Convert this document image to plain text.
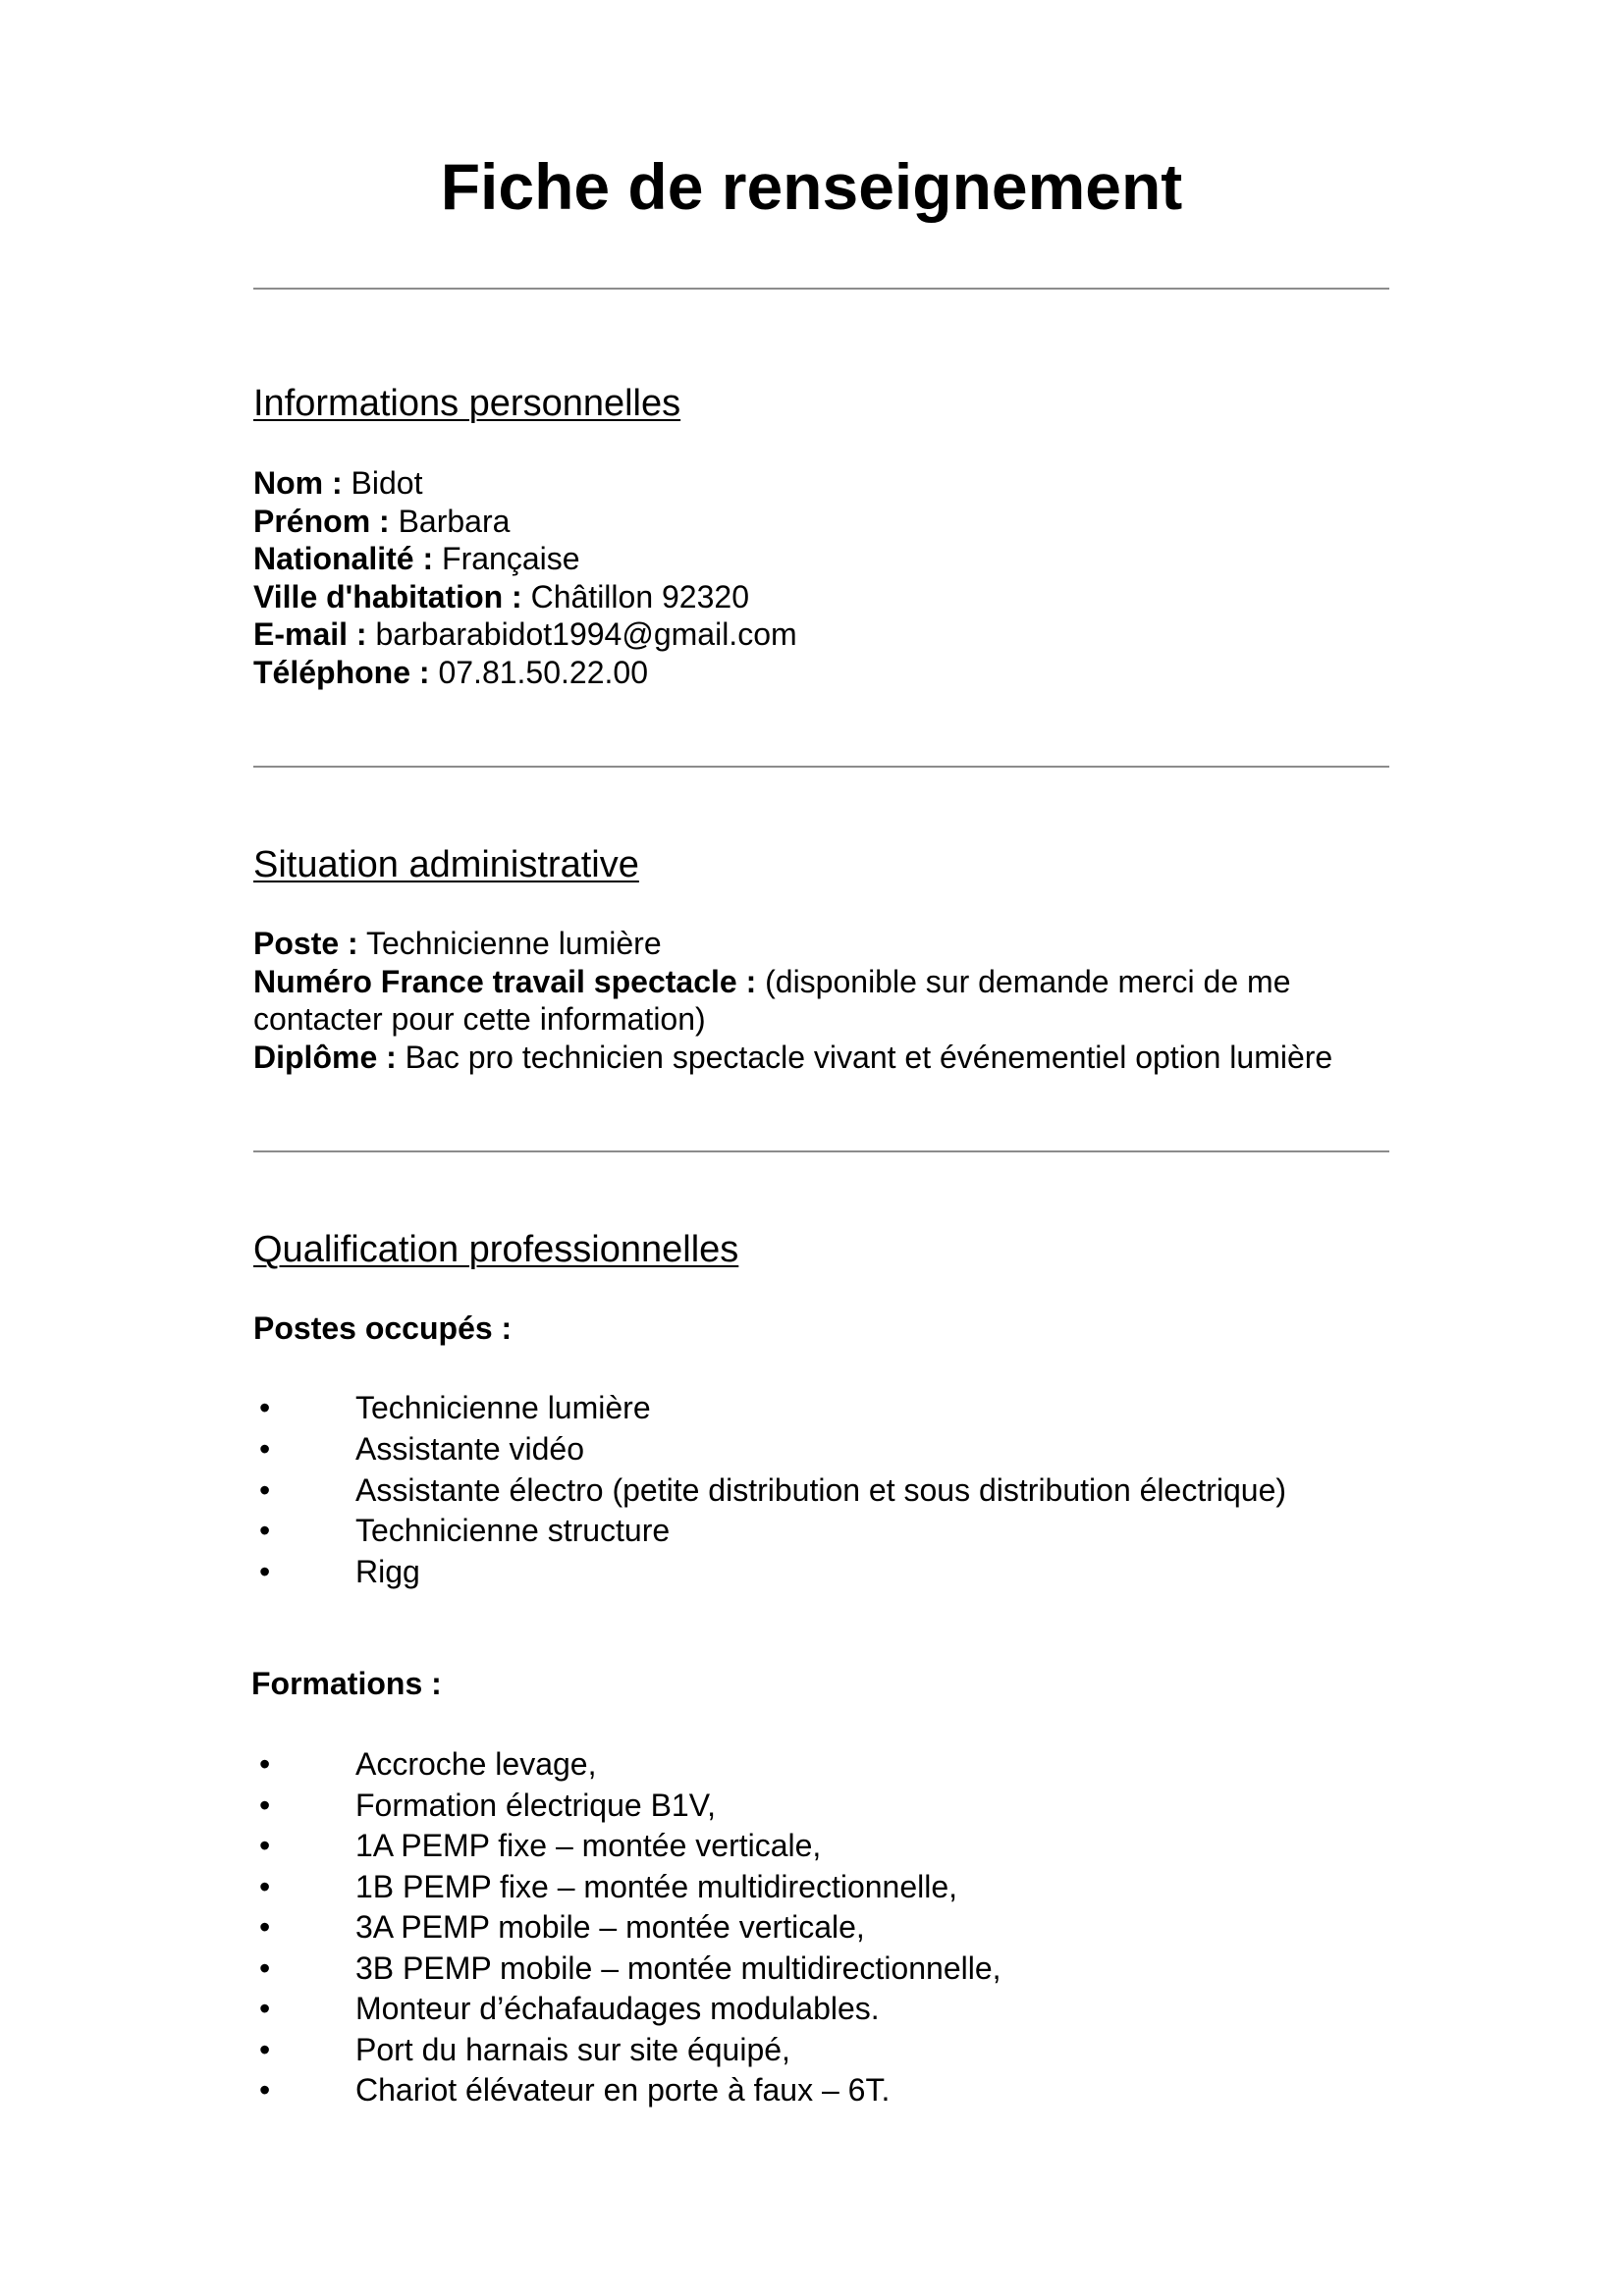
Fiche de renseignement
Informations personnelles
Nom : Bidot
Prénom : Barbara
Nationalité : Française
Ville d'habitation : Châtillon 92320
E-mail : barbarabidot1994@gmail.com
Téléphone : 07.81.50.22.00
Situation administrative
Poste : Technicienne lumière
Numéro France travail spectacle : (disponible sur demande merci de me contacter pour cette information)
Diplôme : Bac pro technicien spectacle vivant et événementiel option lumière
Qualification professionnelles
Postes occupés :
•	Technicienne lumière
•	Assistante vidéo
•	Assistante électro (petite distribution et sous distribution électrique)
•	Technicienne structure
•	Rigg
Formations :
•	Accroche levage,
•	Formation électrique B1V,
•	1A PEMP fixe – montée verticale,
•	1B PEMP fixe – montée multidirectionnelle,
•	3A PEMP mobile – montée verticale,
•	3B PEMP mobile – montée multidirectionnelle,
•	Monteur d’échafaudages modulables.
•	Port du harnais sur site équipé,
•	Chariot élévateur en porte à faux – 6T.
